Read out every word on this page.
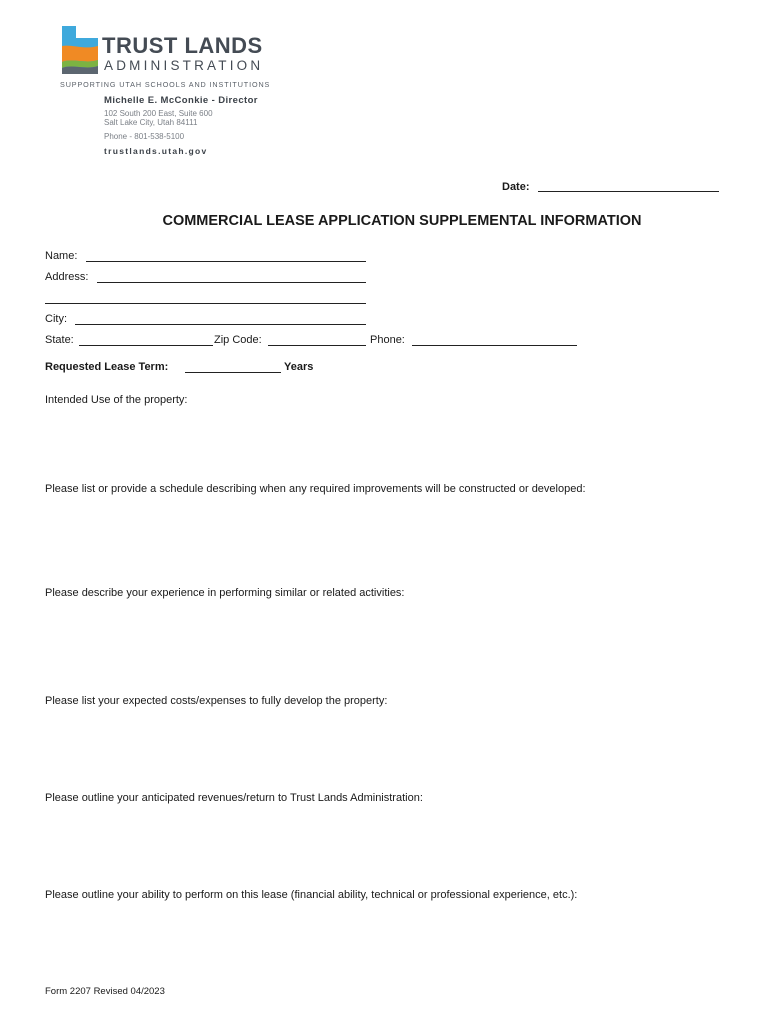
TRUST LANDS
ADMINISTRATION
SUPPORTING UTAH SCHOOLS AND INSTITUTIONS
Michelle E. McConkie - Director
102 South 200 East, Suite 600
Salt Lake City, Utah 84111
Phone - 801-538-5100
trustlands.utah.gov
Date:
COMMERCIAL LEASE APPLICATION SUPPLEMENTAL INFORMATION
Name:
Address:
City:
State:	Zip Code:	Phone:
Requested Lease Term:	Years
Intended Use of the property:
Please list or provide a schedule describing when any required improvements will be constructed or developed:
Please describe your experience in performing similar or related activities:
Please list your expected costs/expenses to fully develop the property:
Please outline your anticipated revenues/return to Trust Lands Administration:
Please outline your ability to perform on this lease (financial ability, technical or professional experience, etc.):
Form 2207 Revised 04/2023
